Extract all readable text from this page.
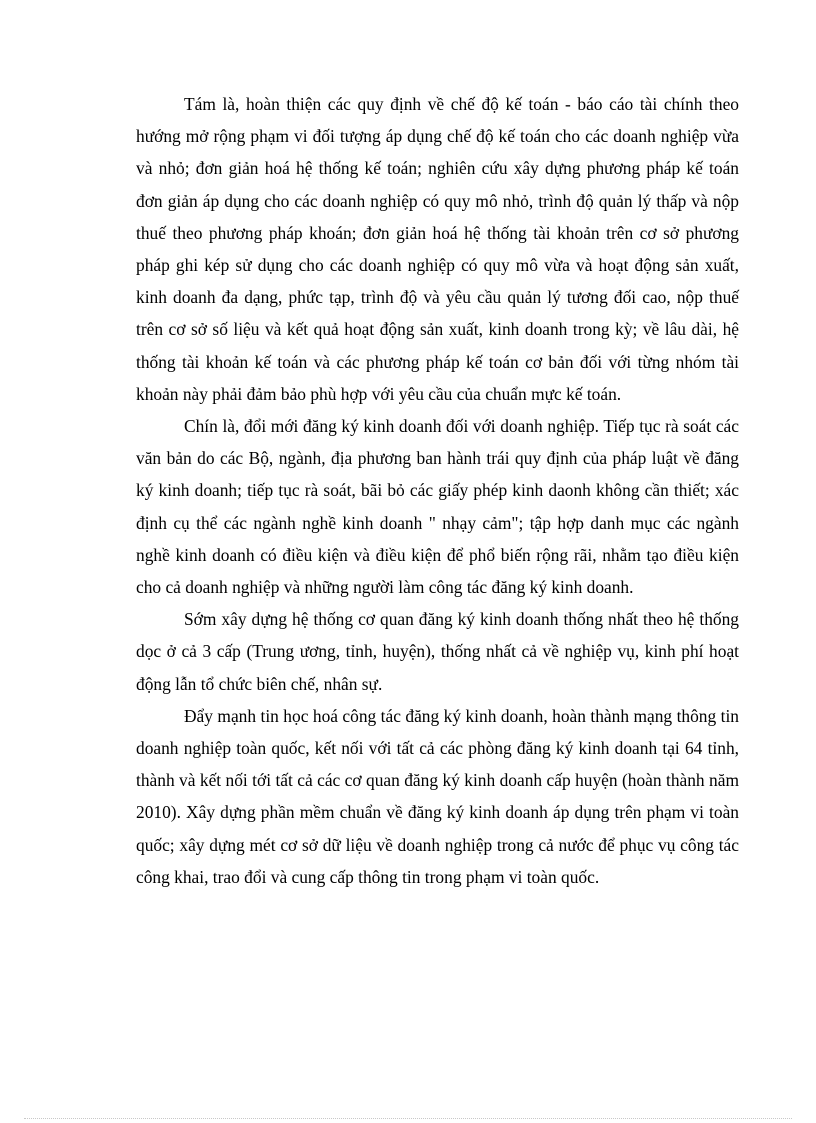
Tám là, hoàn thiện các quy định về chế độ kế toán - báo cáo tài chính theo hướng mở rộng phạm vi đối tượng áp dụng chế độ kế toán cho các doanh nghiệp vừa và nhỏ; đơn giản hoá hệ thống kế toán; nghiên cứu xây dựng phương pháp kế toán đơn giản áp dụng cho các doanh nghiệp có quy mô nhỏ, trình độ quản lý thấp và nộp thuế theo phương pháp khoán; đơn giản hoá hệ thống tài khoản trên cơ sở phương pháp ghi kép sử dụng cho các doanh nghiệp có quy mô vừa và hoạt động sản xuất, kinh doanh đa dạng, phức tạp, trình độ và yêu cầu quản lý tương đối cao, nộp thuế trên cơ sở số liệu và kết quả hoạt động sản xuất, kinh doanh trong kỳ; về lâu dài, hệ thống tài khoản kế toán và các phương pháp kế toán cơ bản đối với từng nhóm tài khoản này phải đảm bảo phù hợp với yêu cầu của chuẩn mực kế toán.

Chín là, đổi mới đăng ký kinh doanh đối với doanh nghiệp. Tiếp tục rà soát các văn bản do các Bộ, ngành, địa phương ban hành trái quy định của pháp luật về đăng ký kinh doanh; tiếp tục rà soát, bãi bỏ các giấy phép kinh daonh không cần thiết; xác định cụ thể các ngành nghề kinh doanh " nhạy cảm"; tập hợp danh mục các ngành nghề kinh doanh có điều kiện và điều kiện để phổ biến rộng rãi, nhằm tạo điều kiện cho cả doanh nghiệp và những người làm công tác đăng ký kinh doanh.

Sớm xây dựng hệ thống cơ quan đăng ký kinh doanh thống nhất theo hệ thống dọc ở cả 3 cấp (Trung ương, tỉnh, huyện), thống nhất cả về nghiệp vụ, kinh phí hoạt động lẫn tổ chức biên chế, nhân sự.

Đẩy mạnh tin học hoá công tác đăng ký kinh doanh, hoàn thành mạng thông tin doanh nghiệp toàn quốc, kết nối với tất cả các phòng đăng ký kinh doanh tại 64 tỉnh, thành và kết nối tới tất cả các cơ quan đăng ký kinh doanh cấp huyện (hoàn thành năm 2010). Xây dựng phần mềm chuẩn về đăng ký kinh doanh áp dụng trên phạm vi toàn quốc; xây dựng mét cơ sở dữ liệu về doanh nghiệp trong cả nước để phục vụ công tác công khai, trao đổi và cung cấp thông tin trong phạm vi toàn quốc.
